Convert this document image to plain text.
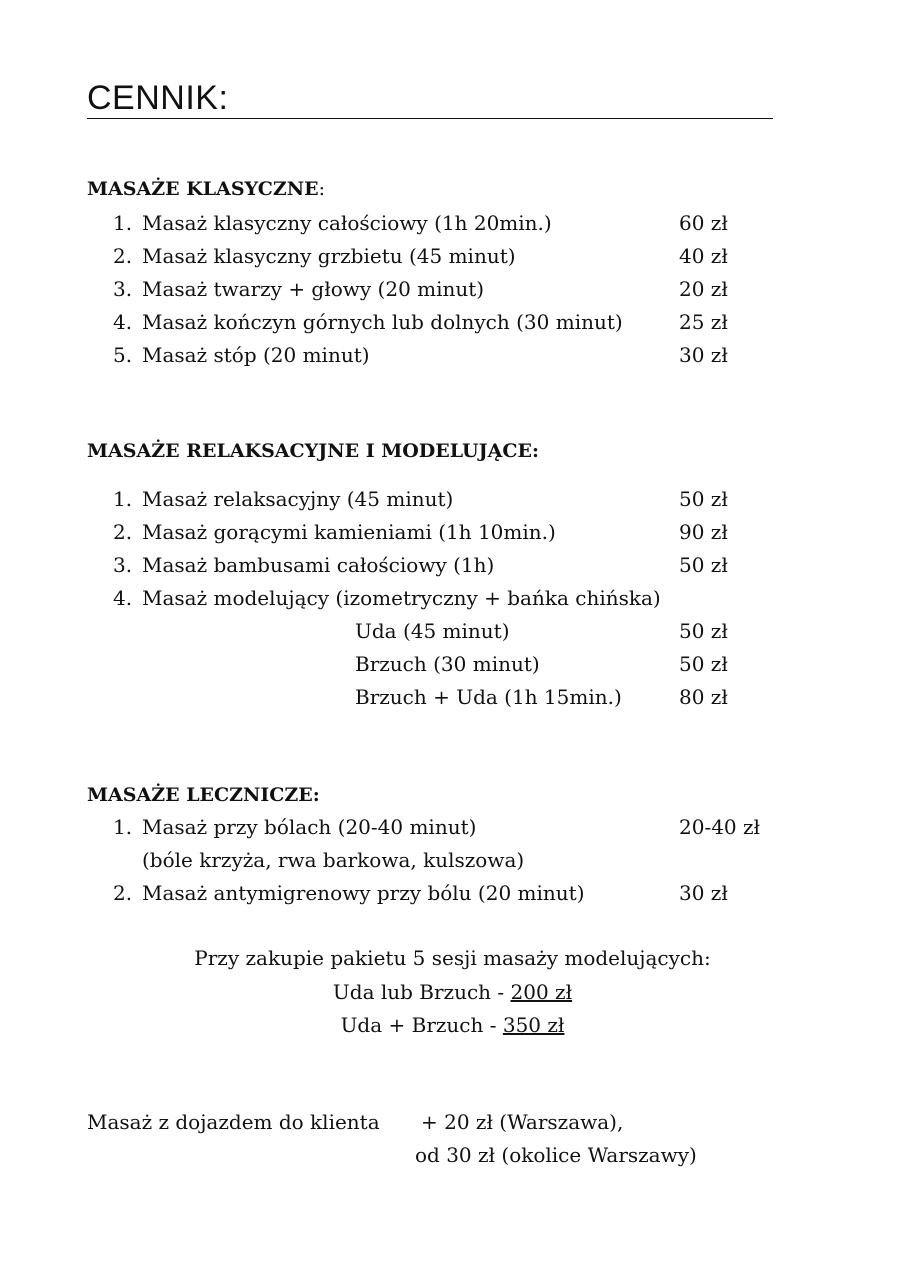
CENNIK:
MASAŻE KLASYCZNE:
1. Masaż klasyczny całościowy (1h 20min.)	60 zł
2. Masaż klasyczny grzbietu (45 minut)	40 zł
3. Masaż twarzy + głowy (20 minut)	20 zł
4. Masaż kończyn górnych lub dolnych (30 minut)	25 zł
5. Masaż stóp (20 minut)	30 zł
MASAŻE RELAKSACYJNE I MODELUJĄCE:
1. Masaż relaksacyjny (45 minut)	50 zł
2. Masaż gorącymi kamieniami (1h 10min.)	90 zł
3. Masaż bambusami całościowy (1h)	50 zł
4. Masaż modelujący (izometryczny + bańka chińska)
Uda (45 minut)	50 zł
Brzuch (30 minut)	50 zł
Brzuch + Uda (1h 15min.)	80 zł
MASAŻE LECZNICZE:
1. Masaż przy bólach (20-40 minut)	20-40 zł
(bóle krzyża, rwa barkowa, kulszowa)
2. Masaż antymigrenowy przy bólu (20 minut)	30 zł
Przy zakupie pakietu 5 sesji masaży modelujących:
Uda lub Brzuch - 200 zł
Uda + Brzuch - 350 zł
Masaż z dojazdem do klienta + 20 zł (Warszawa),
od 30 zł (okolice Warszawy)
